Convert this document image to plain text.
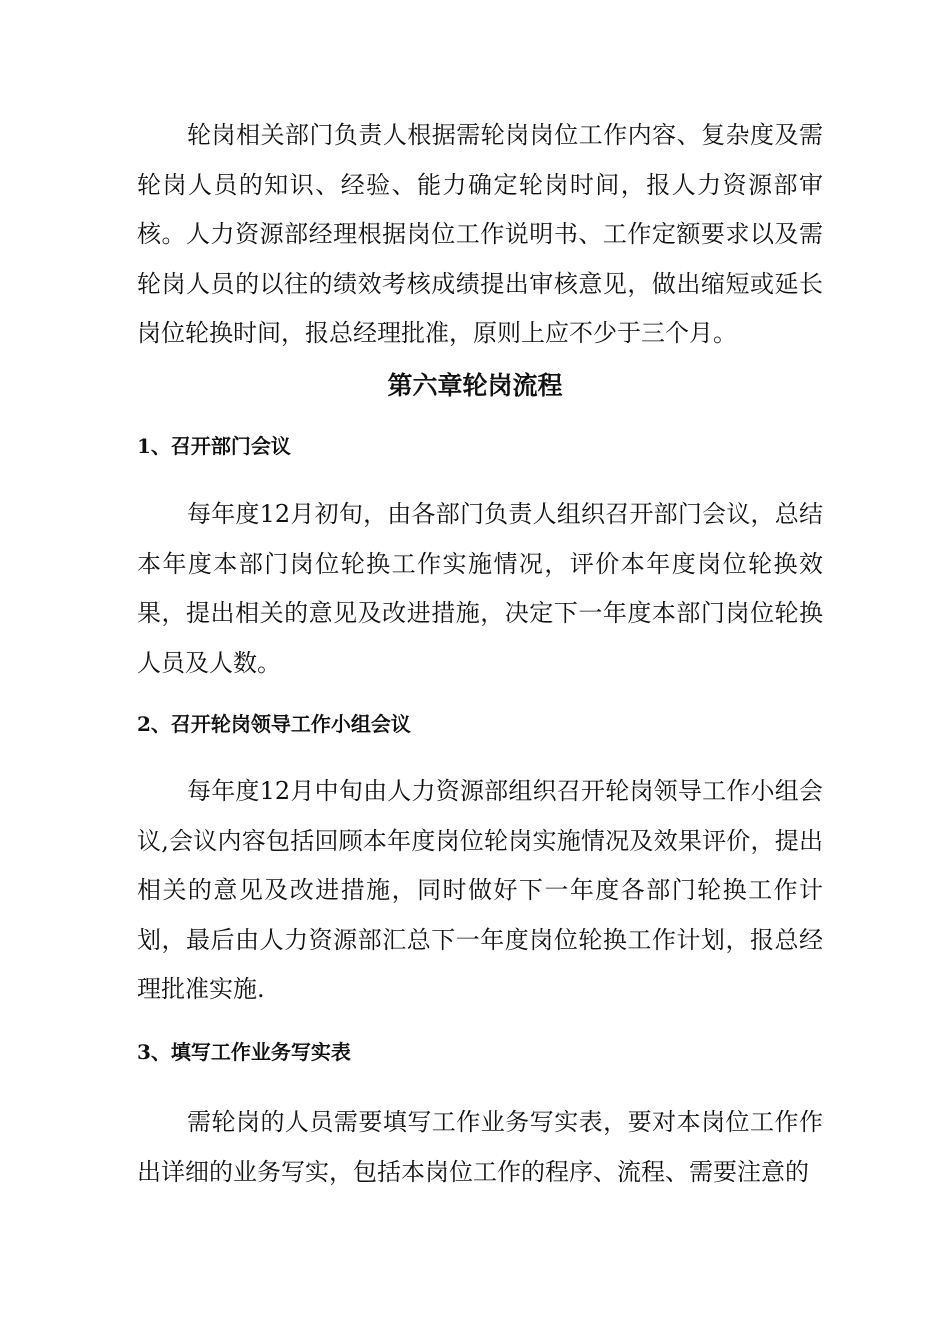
轮岗相关部门负责人根据需轮岗岗位工作内容、复杂度及需轮岗人员的知识、经验、能力确定轮岗时间，报人力资源部审核。人力资源部经理根据岗位工作说明书、工作定额要求以及需轮岗人员的以往的绩效考核成绩提出审核意见，做出缩短或延长岗位轮换时间，报总经理批准，原则上应不少于三个月。

第六章轮岗流程
1、召开部门会议

每年度12月初旬，由各部门负责人组织召开部门会议，总结本年度本部门岗位轮换工作实施情况，评价本年度岗位轮换效果，提出相关的意见及改进措施，决定下一年度本部门岗位轮换人员及人数。

2、召开轮岗领导工作小组会议

每年度12月中旬由人力资源部组织召开轮岗领导工作小组会议,会议内容包括回顾本年度岗位轮岗实施情况及效果评价，提出相关的意见及改进措施，同时做好下一年度各部门轮换工作计划，最后由人力资源部汇总下一年度岗位轮换工作计划，报总经理批准实施.

3、填写工作业务写实表

需轮岗的人员需要填写工作业务写实表，要对本岗位工作作出详细的业务写实，包括本岗位工作的程序、流程、需要注意的
